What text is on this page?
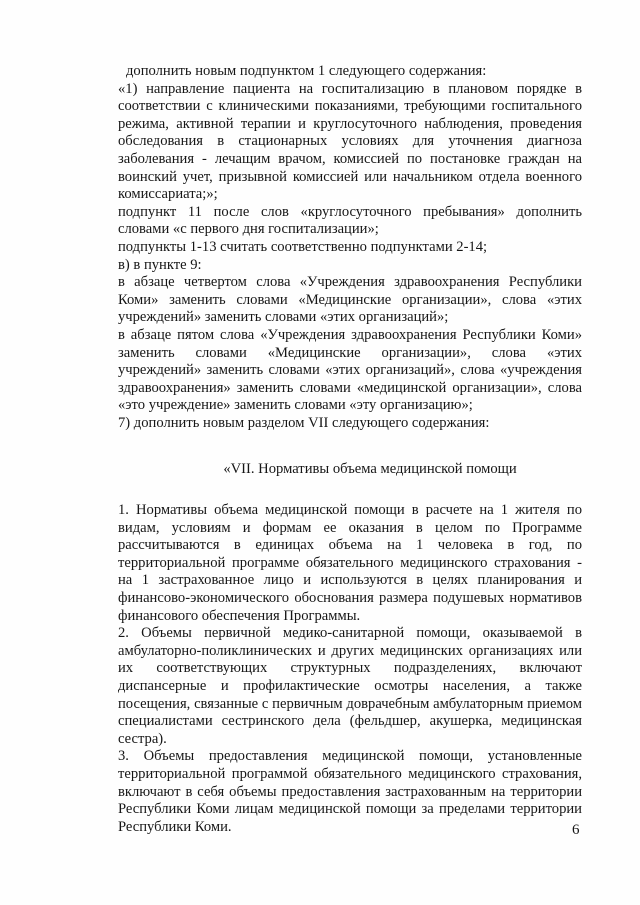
дополнить новым подпунктом 1 следующего содержания:

«1) направление пациента на госпитализацию в плановом порядке в соответствии с клиническими показаниями, требующими госпитального режима, активной терапии и круглосуточного наблюдения, проведения обследования в стационарных условиях для уточнения диагноза заболевания - лечащим врачом, комиссией по постановке граждан на воинский учет, призывной комиссией или начальником отдела военного комиссариата;»;

подпункт 11 после слов «круглосуточного пребывания» дополнить словами «с первого дня госпитализации»;

подпункты 1-13 считать соответственно подпунктами 2-14;

в) в пункте 9:

в абзаце четвертом слова «Учреждения здравоохранения Республики Коми» заменить словами «Медицинские организации», слова «этих учреждений» заменить словами «этих организаций»;

в абзаце пятом слова «Учреждения здравоохранения Республики Коми» заменить словами «Медицинские организации», слова «этих учреждений» заменить словами «этих организаций», слова «учреждения здравоохранения» заменить словами «медицинской организации», слова «это учреждение» заменить словами «эту организацию»;

7) дополнить новым разделом VII следующего содержания:

«VII. Нормативы объема медицинской помощи

1. Нормативы объема медицинской помощи в расчете на 1 жителя по видам, условиям и формам ее оказания в целом по Программе рассчитываются в единицах объема на 1 человека в год, по территориальной программе обязательного медицинского страхования - на 1 застрахованное лицо и используются в целях планирования и финансово-экономического обоснования размера подушевых нормативов финансового обеспечения Программы.

2. Объемы первичной медико-санитарной помощи, оказываемой в амбулаторно-поликлинических и других медицинских организациях или их соответствующих структурных подразделениях, включают диспансерные и профилактические осмотры населения, а также посещения, связанные с первичным доврачебным амбулаторным приемом специалистами сестринского дела (фельдшер, акушерка, медицинская сестра).

3. Объемы предоставления медицинской помощи, установленные территориальной программой обязательного медицинского страхования, включают в себя объемы предоставления застрахованным на территории Республики Коми лицам медицинской помощи за пределами территории Республики Коми.	6
